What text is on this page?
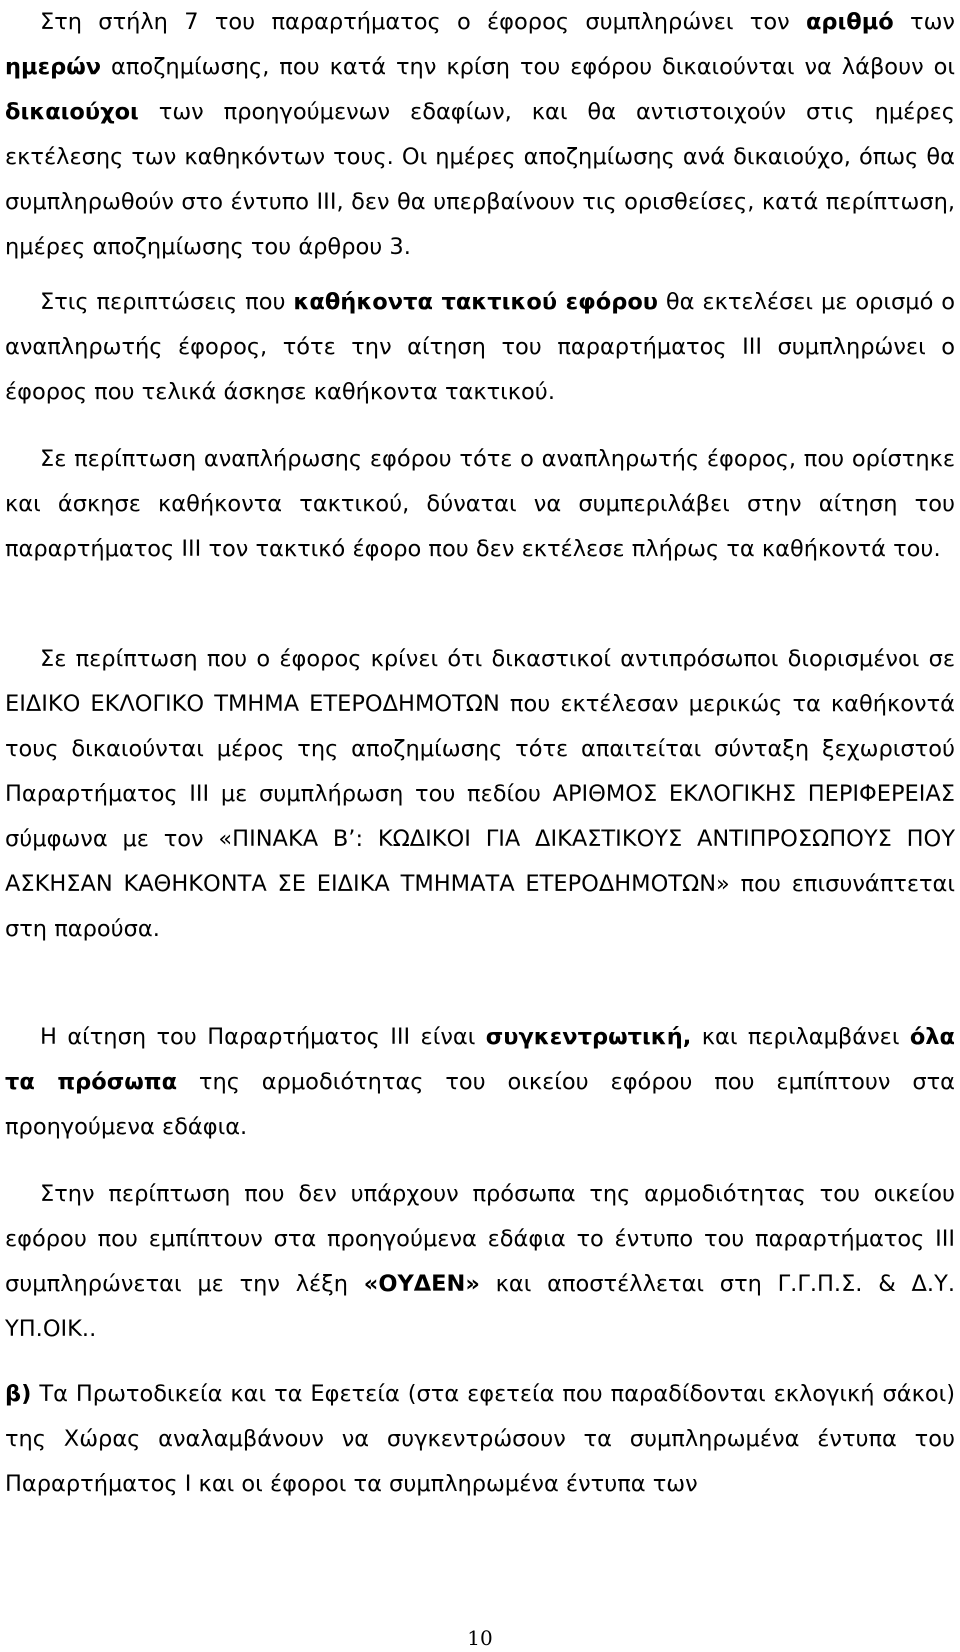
Στη στήλη 7 του παραρτήματος ο έφορος συμπληρώνει τον αριθμό των ημερών αποζημίωσης, που κατά την κρίση του εφόρου δικαιούνται να λάβουν οι δικαιούχοι των προηγούμενων εδαφίων, και θα αντιστοιχούν στις ημέρες εκτέλεσης των καθηκόντων τους. Οι ημέρες αποζημίωσης ανά δικαιούχο, όπως θα συμπληρωθούν στο έντυπο ΙΙΙ, δεν θα υπερβαίνουν τις ορισθείσες, κατά περίπτωση, ημέρες αποζημίωσης του άρθρου 3.

Στις περιπτώσεις που καθήκοντα τακτικού εφόρου θα εκτελέσει με ορισμό ο αναπληρωτής έφορος, τότε την αίτηση του παραρτήματος ΙΙΙ συμπληρώνει ο έφορος που τελικά άσκησε καθήκοντα τακτικού.

Σε περίπτωση αναπλήρωσης εφόρου τότε ο αναπληρωτής έφορος, που ορίστηκε και άσκησε καθήκοντα τακτικού, δύναται να συμπεριλάβει στην αίτηση του παραρτήματος ΙΙΙ τον τακτικό έφορο που δεν εκτέλεσε πλήρως τα καθήκοντά του.

Σε περίπτωση που ο έφορος κρίνει ότι δικαστικοί αντιπρόσωποι διορισμένοι σε ΕΙΔΙΚΟ ΕΚΛΟΓΙΚΟ ΤΜΗΜΑ ΕΤΕΡΟΔΗΜΟΤΩΝ που εκτέλεσαν μερικώς τα καθήκοντά τους δικαιούνται μέρος της αποζημίωσης τότε απαιτείται σύνταξη ξεχωριστού Παραρτήματος ΙΙΙ με συμπλήρωση του πεδίου ΑΡΙΘΜΟΣ ΕΚΛΟΓΙΚΗΣ ΠΕΡΙΦΕΡΕΙΑΣ σύμφωνα με τον «ΠΙΝΑΚΑ Β’: ΚΩΔΙΚΟΙ ΓΙΑ ΔΙΚΑΣΤΙΚΟΥΣ ΑΝΤΙΠΡΟΣΩΠΟΥΣ ΠΟΥ ΑΣΚΗΣΑΝ ΚΑΘΗΚΟΝΤΑ ΣΕ ΕΙΔΙΚΑ ΤΜΗΜΑΤΑ ΕΤΕΡΟΔΗΜΟΤΩΝ» που επισυνάπτεται στη παρούσα.

Η αίτηση του Παραρτήματος ΙΙΙ είναι συγκεντρωτική, και περιλαμβάνει όλα τα πρόσωπα της αρμοδιότητας του οικείου εφόρου που εμπίπτουν στα προηγούμενα εδάφια.

Στην περίπτωση που δεν υπάρχουν πρόσωπα της αρμοδιότητας του οικείου εφόρου που εμπίπτουν στα προηγούμενα εδάφια το έντυπο του παραρτήματος ΙΙΙ συμπληρώνεται με την λέξη «ΟΥΔΕΝ» και αποστέλλεται στη Γ.Γ.Π.Σ. & Δ.Υ. ΥΠ.ΟΙΚ..

β) Τα Πρωτοδικεία και τα Εφετεία (στα εφετεία που παραδίδονται εκλογική σάκοι) της Χώρας αναλαμβάνουν να συγκεντρώσουν τα συμπληρωμένα έντυπα του Παραρτήματος Ι και οι έφοροι τα συμπληρωμένα έντυπα των

10
